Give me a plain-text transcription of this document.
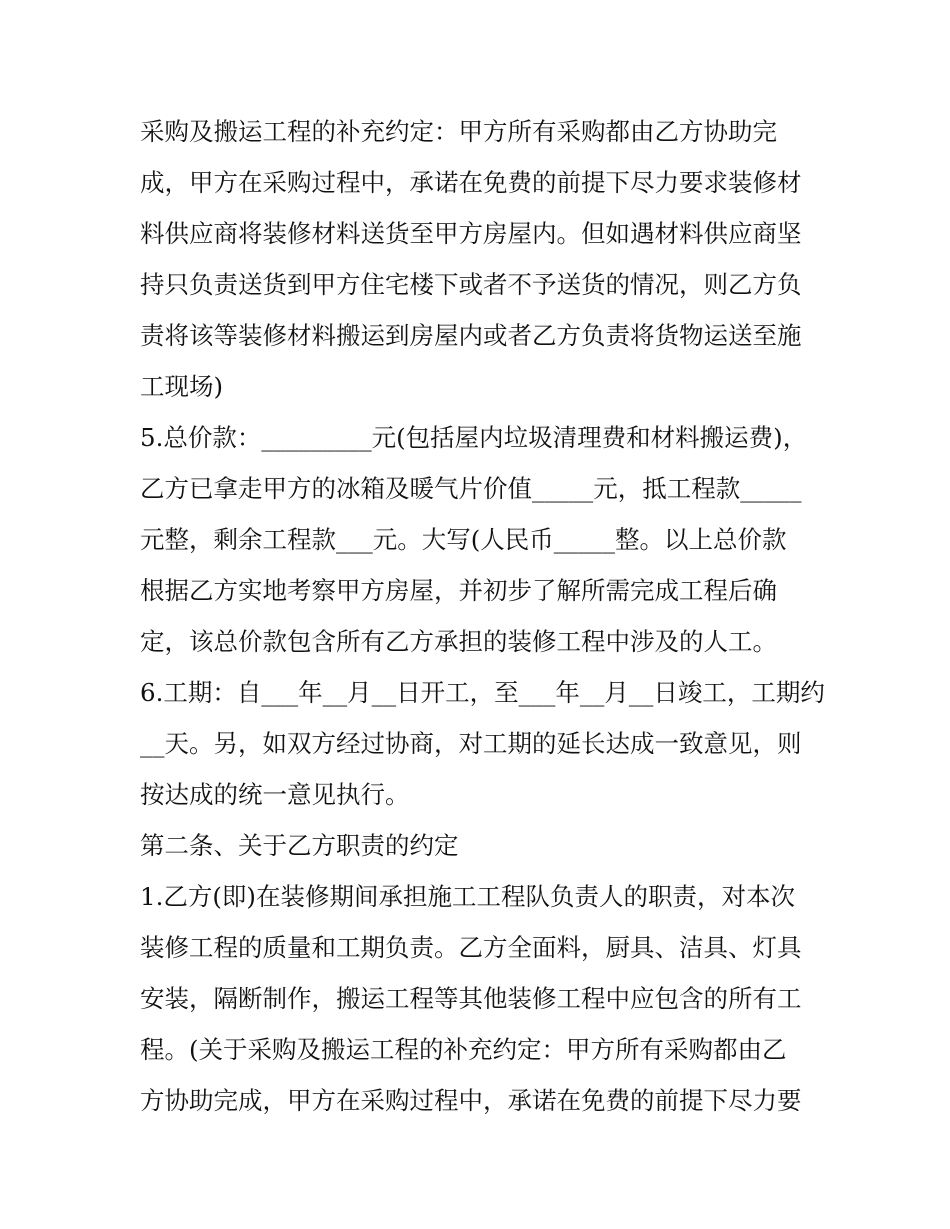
采购及搬运工程的补充约定：甲方所有采购都由乙方协助完
成，甲方在采购过程中，承诺在免费的前提下尽力要求装修材
料供应商将装修材料送货至甲方房屋内。但如遇材料供应商坚
持只负责送货到甲方住宅楼下或者不予送货的情况，则乙方负
责将该等装修材料搬运到房屋内或者乙方负责将货物运送至施
工现场)
5.总价款：_________元(包括屋内垃圾清理费和材料搬运费)，
乙方已拿走甲方的冰箱及暖气片价值_____元，抵工程款_____
元整，剩余工程款___元。大写(人民币_____整。以上总价款
根据乙方实地考察甲方房屋，并初步了解所需完成工程后确
定，该总价款包含所有乙方承担的装修工程中涉及的人工。
6.工期：自___年__月__日开工，至___年__月__日竣工，工期约
__天。另，如双方经过协商，对工期的延长达成一致意见，则
按达成的统一意见执行。
第二条、关于乙方职责的约定
1.乙方(即)在装修期间承担施工工程队负责人的职责，对本次
装修工程的质量和工期负责。乙方全面料，厨具、洁具、灯具
安装，隔断制作，搬运工程等其他装修工程中应包含的所有工
程。(关于采购及搬运工程的补充约定：甲方所有采购都由乙
方协助完成，甲方在采购过程中，承诺在免费的前提下尽力要
